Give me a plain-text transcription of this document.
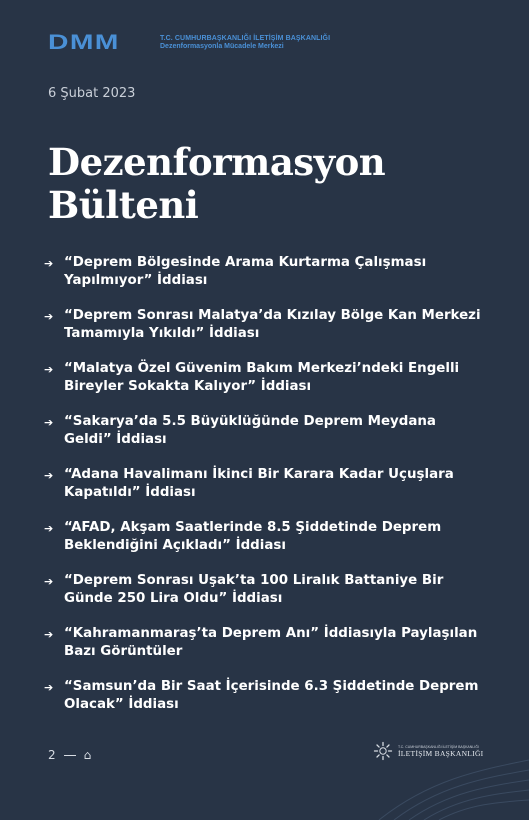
DMM	T.C. CUMHURBAŞKANLIĞI İLETİŞİM BAŞKANLIĞI
Dezenformasyonla Mücadele Merkezi
6 Şubat 2023
Dezenformasyon
Bülteni
➔ “Deprem Bölgesinde Arama Kurtarma Çalışması Yapılmıyor” İddiası
➔ “Deprem Sonrası Malatya’da Kızılay Bölge Kan Merkezi Tamamıyla Yıkıldı” İddiası
➔ “Malatya Özel Güvenim Bakım Merkezi’ndeki Engelli Bireyler Sokakta Kalıyor” İddiası
➔ “Sakarya’da 5.5 Büyüklüğünde Deprem Meydana Geldi” İddiası
➔ “Adana Havalimanı İkinci Bir Karara Kadar Uçuşlara Kapatıldı” İddiası
➔ “AFAD, Akşam Saatlerinde 8.5 Şiddetinde Deprem Beklendiğini Açıkladı” İddiası
➔ “Deprem Sonrası Uşak’ta 100 Liralık Battaniye Bir Günde 250 Lira Oldu” İddiası
➔ “Kahramanmaraş’ta Deprem Anı” İddiasıyla Paylaşılan Bazı Görüntüler
➔ “Samsun’da Bir Saat İçerisinde 6.3 Şiddetinde Deprem Olacak” İddiası
2 ⌂
T.C. CUMHURBAŞKANLIĞI İLETİŞİM BAŞKANLIĞI
İLETİŞİM BAŞKANLIĞI
